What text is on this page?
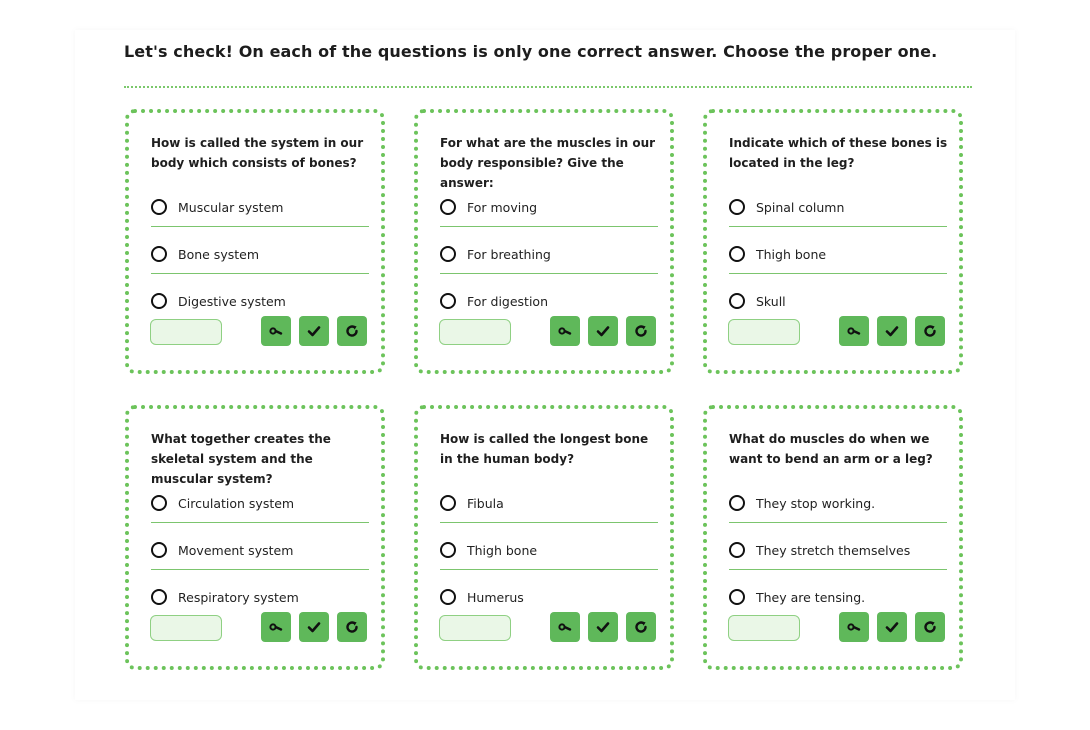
Let's check! On each of the questions is only one correct answer. Choose the proper one.
How is called the system in our body which consists of bones?
Muscular system
Bone system
Digestive system
For what are the muscles in our body responsible? Give the answer:
For moving
For breathing
For digestion
Indicate which of these bones is located in the leg?
Spinal column
Thigh bone
Skull
What together creates the skeletal system and the muscular system?
Circulation system
Movement system
Respiratory system
How is called the longest bone in the human body?
Fibula
Thigh bone
Humerus
What do muscles do when we want to bend an arm or a leg?
They stop working.
They stretch themselves
They are tensing.
